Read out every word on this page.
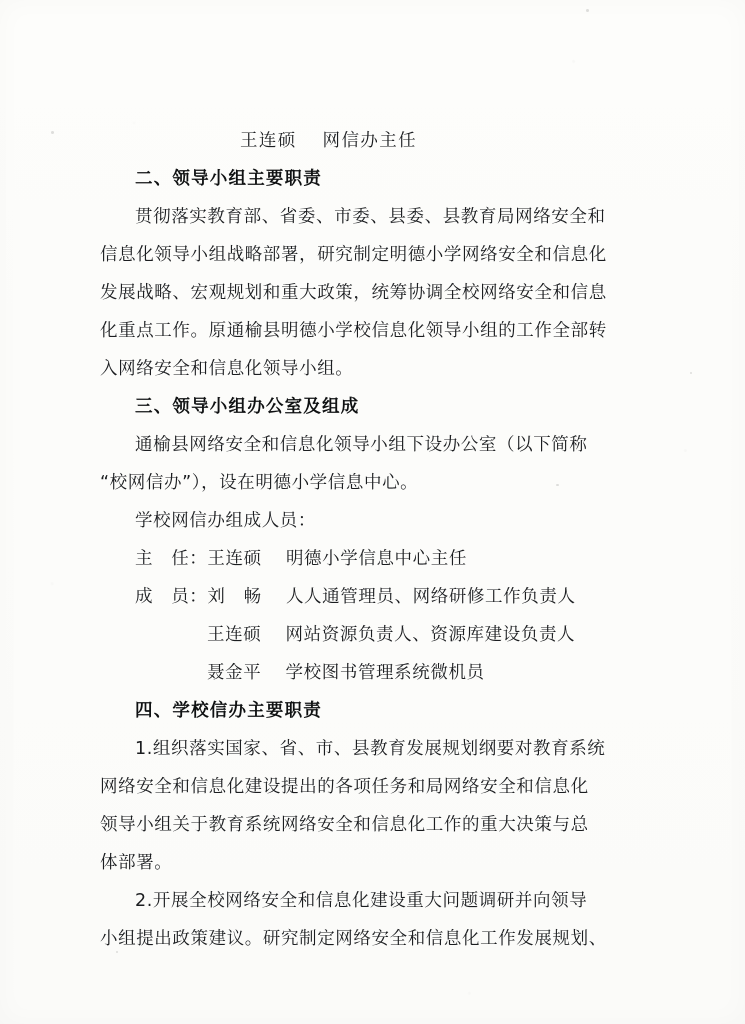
王连硕　 网信办主任

二、领导小组主要职责

贯彻落实教育部、省委、市委、县委、县教育局网络安全和

信息化领导小组战略部署，研究制定明德小学网络安全和信息化

发展战略、宏观规划和重大政策，统筹协调全校网络安全和信息

化重点工作。原通榆县明德小学校信息化领导小组的工作全部转

入网络安全和信息化领导小组。

三、领导小组办公室及组成

通榆县网络安全和信息化领导小组下设办公室（以下简称

“校网信办”），设在明德小学信息中心。

学校网信办组成人员：

主　任：王连硕　 明德小学信息中心主任

成　员：刘　畅　 人人通管理员、网络研修工作负责人

王连硕　 网站资源负责人、资源库建设负责人

聂金平　 学校图书管理系统微机员

四、学校信办主要职责

1.组织落实国家、省、市、县教育发展规划纲要对教育系统

网络安全和信息化建设提出的各项任务和局网络安全和信息化

领导小组关于教育系统网络安全和信息化工作的重大决策与总

体部署。

2.开展全校网络安全和信息化建设重大问题调研并向领导

小组提出政策建议。研究制定网络安全和信息化工作发展规划、
